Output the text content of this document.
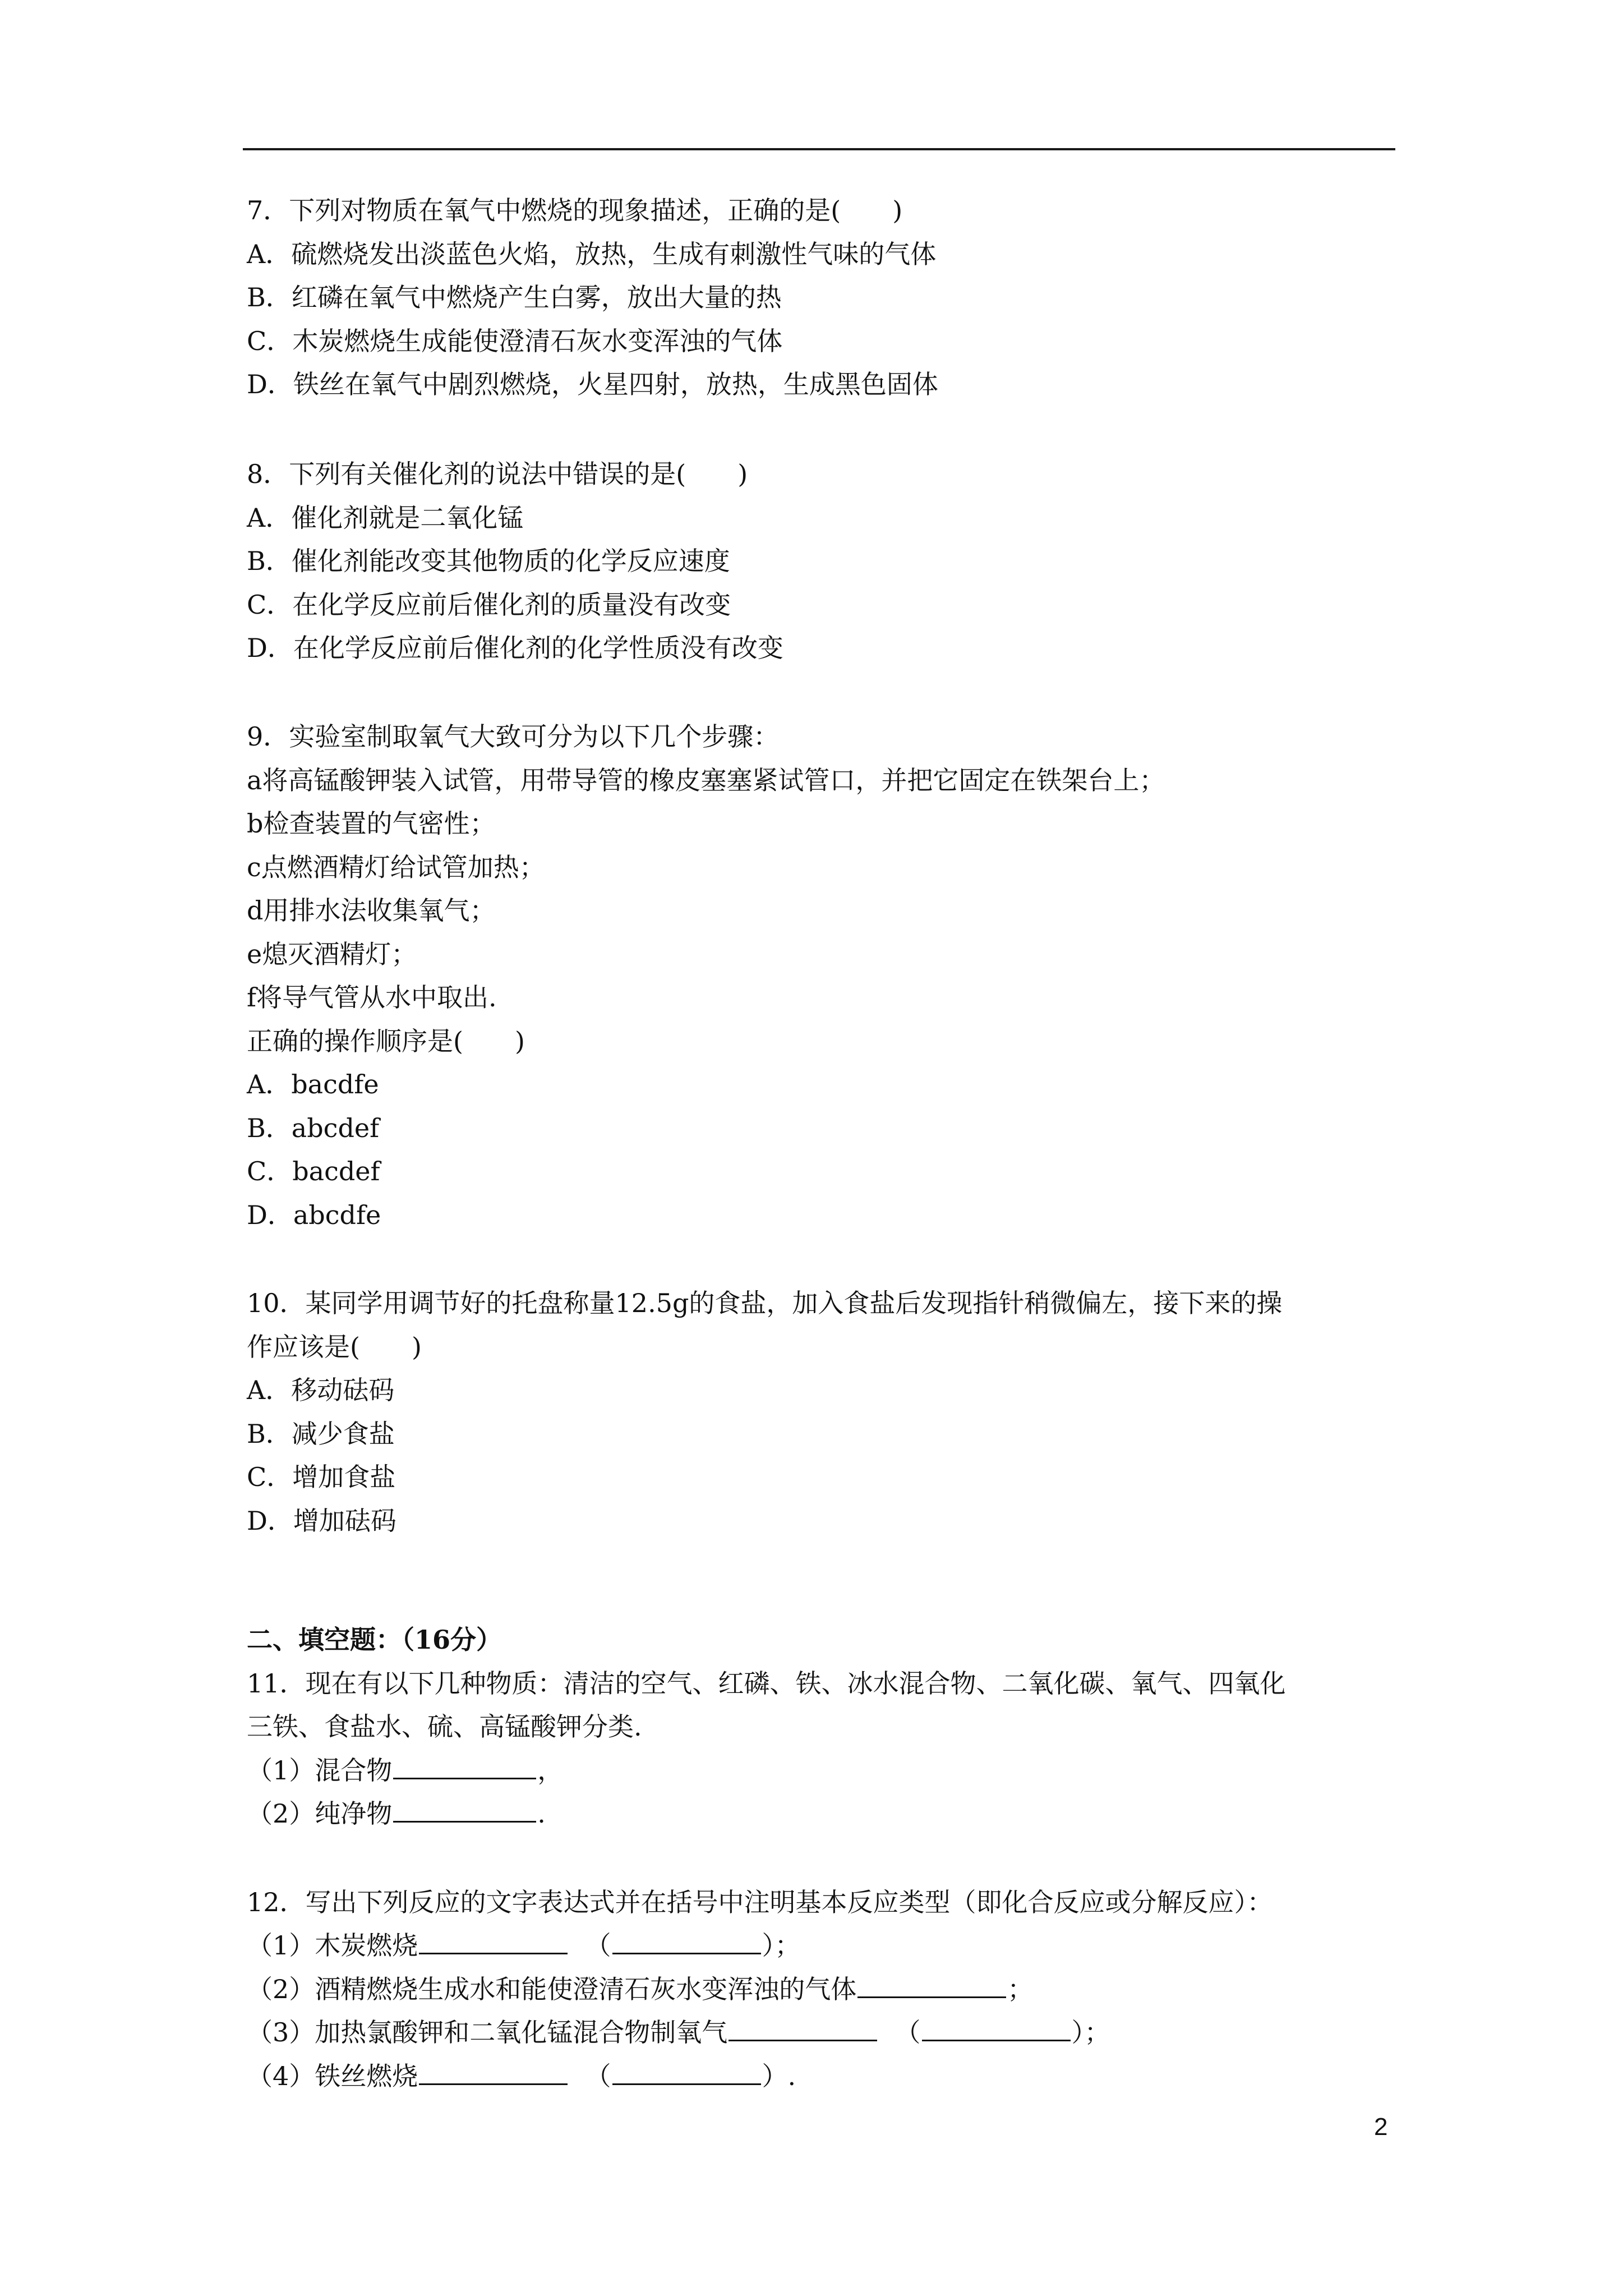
7．下列对物质在氧气中燃烧的现象描述，正确的是(　　)
A．硫燃烧发出淡蓝色火焰，放热，生成有刺激性气味的气体
B．红磷在氧气中燃烧产生白雾，放出大量的热
C．木炭燃烧生成能使澄清石灰水变浑浊的气体
D．铁丝在氧气中剧烈燃烧，火星四射，放热，生成黑色固体
8．下列有关催化剂的说法中错误的是(　　)
A．催化剂就是二氧化锰
B．催化剂能改变其他物质的化学反应速度
C．在化学反应前后催化剂的质量没有改变
D．在化学反应前后催化剂的化学性质没有改变
9．实验室制取氧气大致可分为以下几个步骤：
a将高锰酸钾装入试管，用带导管的橡皮塞塞紧试管口，并把它固定在铁架台上；
b检查装置的气密性；
c点燃酒精灯给试管加热；
d用排水法收集氧气；
e熄灭酒精灯；
f将导气管从水中取出.
正确的操作顺序是(　　)
A．bacdfe
B．abcdef
C．bacdef
D．abcdfe
10．某同学用调节好的托盘称量12.5g的食盐，加入食盐后发现指针稍微偏左，接下来的操
作应该是(　　)
A．移动砝码
B．减少食盐
C．增加食盐
D．增加砝码
二、填空题：（16分）
11．现在有以下几种物质：清洁的空气、红磷、铁、冰水混合物、二氧化碳、氧气、四氧化
三铁、食盐水、硫、高锰酸钾分类.
（1）混合物	，
（2）纯净物	.
12．写出下列反应的文字表达式并在括号中注明基本反应类型（即化合反应或分解反应）：
（1）木炭燃烧	（	）；
（2）酒精燃烧生成水和能使澄清石灰水变浑浊的气体	；
（3）加热氯酸钾和二氧化锰混合物制氧气	（	）；
（4）铁丝燃烧	（	）.
2
